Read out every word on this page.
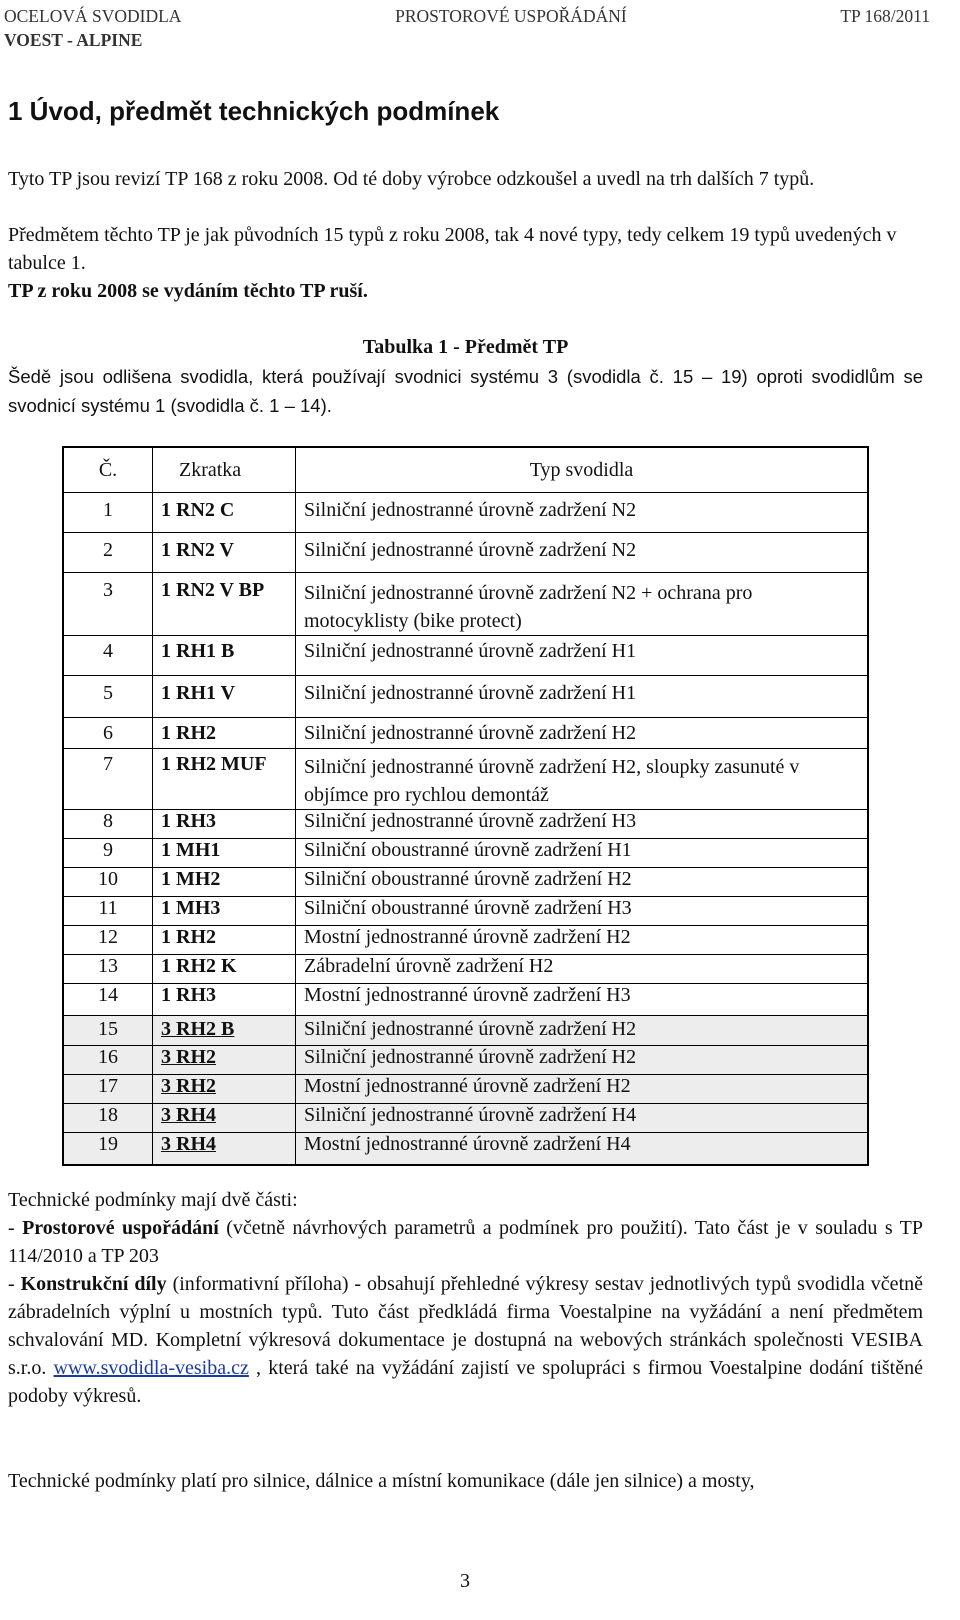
OCELOVÁ SVODIDLA	PROSTOROVÉ USPOŘÁDÁNÍ	TP 168/2011
VOEST - ALPINE
1 Úvod, předmět technických podmínek

Tyto TP jsou revizí TP 168 z roku 2008. Od té doby výrobce odzkoušel a uvedl na trh dalších 7 typů.

Předmětem těchto TP je jak původních 15 typů z roku 2008, tak 4 nové typy, tedy celkem 19 typů uvedených v tabulce 1.

TP z roku 2008 se vydáním těchto TP ruší.

Tabulka 1 - Předmět TP

Šedě jsou odlišena svodidla, která používají svodnici systému 3 (svodidla č. 15 – 19) oproti svodidlům se svodnicí systému 1 (svodidla č. 1 – 14).

Č.	Zkratka	Typ svodidla
1	1 RN2 C	Silniční jednostranné úrovně zadržení N2
2	1 RN2 V	Silniční jednostranné úrovně zadržení N2
3	1 RN2 V BP	Silniční jednostranné úrovně zadržení N2 + ochrana pro motocyklisty (bike protect)
4	1 RH1 B	Silniční jednostranné úrovně zadržení H1
5	1 RH1 V	Silniční jednostranné úrovně zadržení H1
6	1 RH2	Silniční jednostranné úrovně zadržení H2
7	1 RH2 MUF	Silniční jednostranné úrovně zadržení H2, sloupky zasunuté v objímce pro rychlou demontáž
8	1 RH3	Silniční jednostranné úrovně zadržení H3
9	1 MH1	Silniční oboustranné úrovně zadržení H1
10	1 MH2	Silniční oboustranné úrovně zadržení H2
11	1 MH3	Silniční oboustranné úrovně zadržení H3
12	1 RH2	Mostní jednostranné úrovně zadržení H2
13	1 RH2 K	Zábradelní úrovně zadržení H2
14	1 RH3	Mostní jednostranné úrovně zadržení H3
15	3 RH2 B	Silniční jednostranné úrovně zadržení H2
16	3 RH2	Silniční jednostranné úrovně zadržení H2
17	3 RH2	Mostní jednostranné úrovně zadržení H2
18	3 RH4	Silniční jednostranné úrovně zadržení H4
19	3 RH4	Mostní jednostranné úrovně zadržení H4

Technické podmínky mají dvě části:

- Prostorové uspořádání (včetně návrhových parametrů a podmínek pro použití). Tato část je v souladu s TP 114/2010 a TP 203

- Konstrukční díly (informativní příloha) - obsahují přehledné výkresy sestav jednotlivých typů svodidla včetně zábradelních výplní u mostních typů. Tuto část předkládá firma Voestalpine na vyžádání a není předmětem schvalování MD. Kompletní výkresová dokumentace je dostupná na webových stránkách společnosti VESIBA s.r.o. www.svodidla-vesiba.cz , která také na vyžádání zajistí ve spolupráci s firmou Voestalpine dodání tištěné podoby výkresů.

Technické podmínky platí pro silnice, dálnice a místní komunikace (dále jen silnice) a mosty,

3
